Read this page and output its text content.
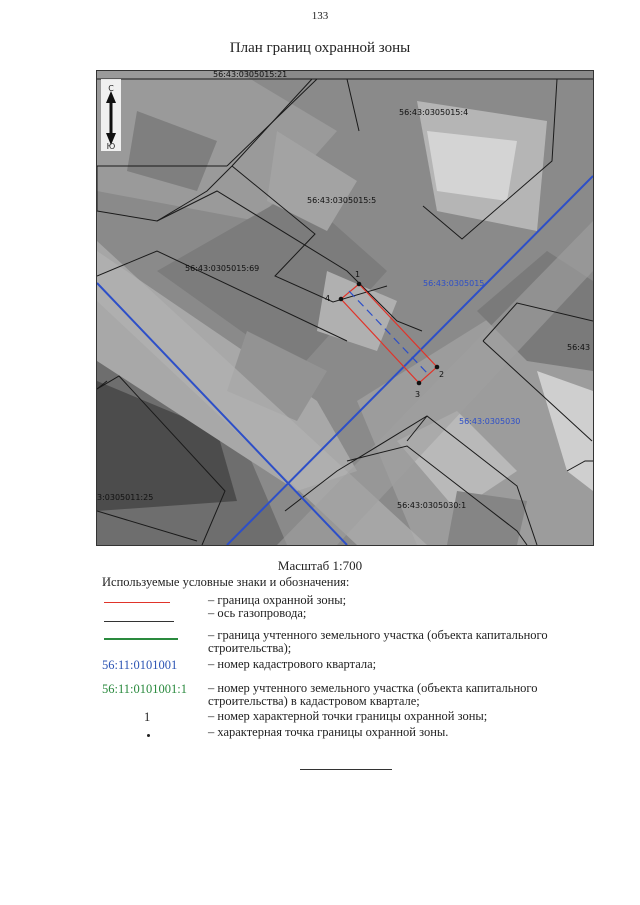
133
План границ охранной зоны
С
Ю
56:43:0305015:21
56:43:0305015:4
56:43:0305015:5
56:43:0305015:69
3:0305011:25
56:43:0305030:1
56:43:0305015
56:43:0305030
56:43
1
2
3
4
Масштаб 1:700
Используемые условные знаки и обозначения:
– граница охранной зоны;
– ось газопровода;
– граница учтенного земельного участка (объекта капитального строительства);
56:11:0101001	– номер кадастрового квартала;
56:11:0101001:1	– номер учтенного земельного участка (объекта капитального строительства) в кадастровом квартале;
1	– номер характерной точки границы охранной зоны;
– характерная точка границы охранной зоны.
